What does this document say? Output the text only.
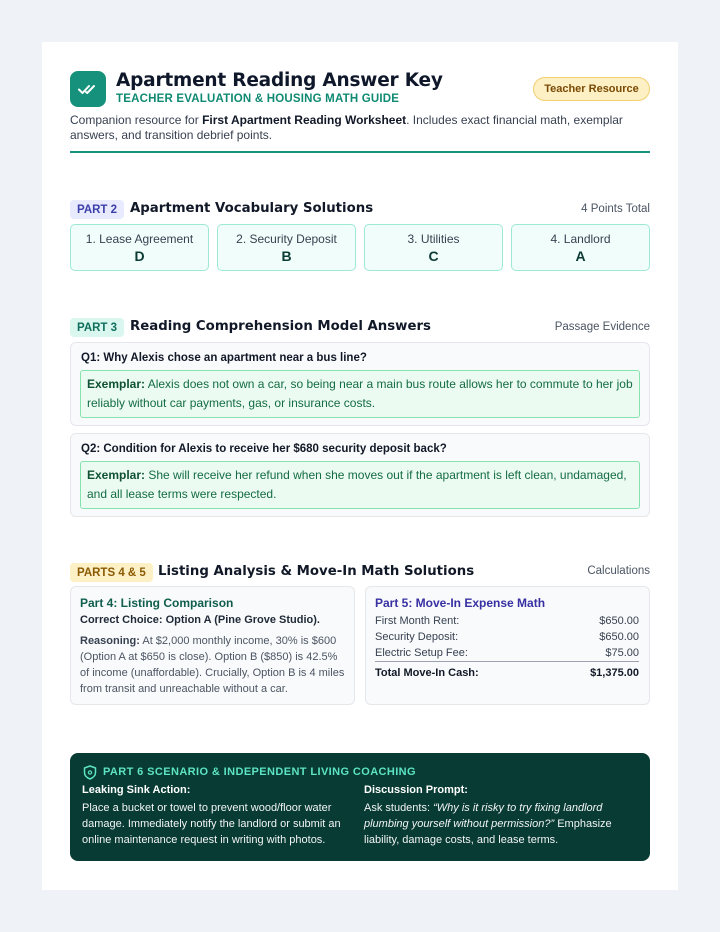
Apartment Reading Answer Key
TEACHER EVALUATION & HOUSING MATH GUIDE
Teacher Resource
Companion resource for First Apartment Reading Worksheet. Includes exact financial math, exemplar answers, and transition debrief points.
PART 2 Apartment Vocabulary Solutions	4 Points Total
1. Lease Agreement
D
2. Security Deposit
B
3. Utilities
C
4. Landlord
A
PART 3 Reading Comprehension Model Answers	Passage Evidence
Q1: Why Alexis chose an apartment near a bus line?
Exemplar: Alexis does not own a car, so being near a main bus route allows her to commute to her job reliably without car payments, gas, or insurance costs.
Q2: Condition for Alexis to receive her $680 security deposit back?
Exemplar: She will receive her refund when she moves out if the apartment is left clean, undamaged, and all lease terms were respected.
PARTS 4 & 5 Listing Analysis & Move-In Math Solutions	Calculations
Part 4: Listing Comparison
Correct Choice: Option A (Pine Grove Studio).
Reasoning: At $2,000 monthly income, 30% is $600 (Option A at $650 is close). Option B ($850) is 42.5% of income (unaffordable). Crucially, Option B is 4 miles from transit and unreachable without a car.
Part 5: Move-In Expense Math
First Month Rent:	$650.00
Security Deposit:	$650.00
Electric Setup Fee:	$75.00
Total Move-In Cash:	$1,375.00
PART 6 SCENARIO & INDEPENDENT LIVING COACHING
Leaking Sink Action:
Place a bucket or towel to prevent wood/floor water damage. Immediately notify the landlord or submit an online maintenance request in writing with photos.
Discussion Prompt:
Ask students: “Why is it risky to try fixing landlord plumbing yourself without permission?” Emphasize liability, damage costs, and lease terms.
